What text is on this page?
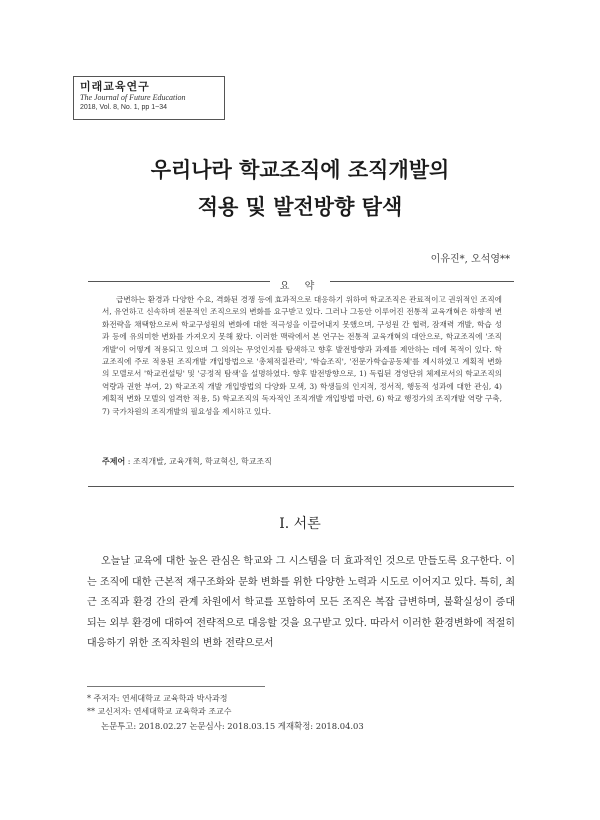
미래교육연구
The Journal of Future Education
2018, Vol. 8, No. 1, pp 1~34
우리나라 학교조직에 조직개발의
적용 및 발전방향 탐색
이유진*, 오석영**
요 약

급변하는 환경과 다양한 수요, 격화된 경쟁 등에 효과적으로 대응하기 위하여 학교조직은 관료적이고 권위적인 조직에서, 유연하고 신속하며 전문적인 조직으로의 변화를 요구받고 있다. 그러나 그동안 이루어진 전통적 교육개혁은 하향적 변화전략을 채택함으로써 학교구성원의 변화에 대한 적극성을 이끌어내지 못했으며, 구성원 간 협력, 잠재력 개발, 학습 성과 등에 유의미한 변화를 가져오지 못해 왔다. 이러한 맥락에서 본 연구는 전통적 교육개혁의 대안으로, 학교조직에 '조직개발'이 어떻게 적용되고 있으며 그 의의는 무엇인지를 탐색하고 향후 발전방향과 과제를 제안하는 데에 목적이 있다. 학교조직에 주로 적용된 조직개발 개입방법으로 '총체적질관리', '학습조직', '전문가학습공동체'를 제시하였고 계획적 변화의 모델로서 '학교컨설팅' 및 '긍정적 탐색'을 설명하였다. 향후 발전방향으로, 1) 독립된 경영단위 체제로서의 학교조직의 역량과 권한 부여, 2) 학교조직 개발 개입방법의 다양화 모색, 3) 학생들의 인지적, 정서적, 행동적 성과에 대한 관심, 4) 계획적 변화 모델의 엄격한 적용, 5) 학교조직의 독자적인 조직개발 개입방법 마련, 6) 학교 행정가의 조직개발 역량 구축, 7) 국가차원의 조직개발의 필요성을 제시하고 있다.

주제어 : 조직개발, 교육개혁, 학교혁신, 학교조직
Ⅰ. 서론

오늘날 교육에 대한 높은 관심은 학교와 그 시스템을 더 효과적인 것으로 만들도록 요구한다. 이는 조직에 대한 근본적 재구조화와 문화 변화를 위한 다양한 노력과 시도로 이어지고 있다. 특히, 최근 조직과 환경 간의 관계 차원에서 학교를 포함하여 모든 조직은 복잡 급변하며, 불확실성이 증대되는 외부 환경에 대하여 전략적으로 대응할 것을 요구받고 있다. 따라서 이러한 환경변화에 적절히 대응하기 위한 조직차원의 변화 전략으로서

* 주저자: 연세대학교 교육학과 박사과정
** 교신저자: 연세대학교 교육학과 조교수
논문투고: 2018.02.27 논문심사: 2018.03.15 게재확정: 2018.04.03
